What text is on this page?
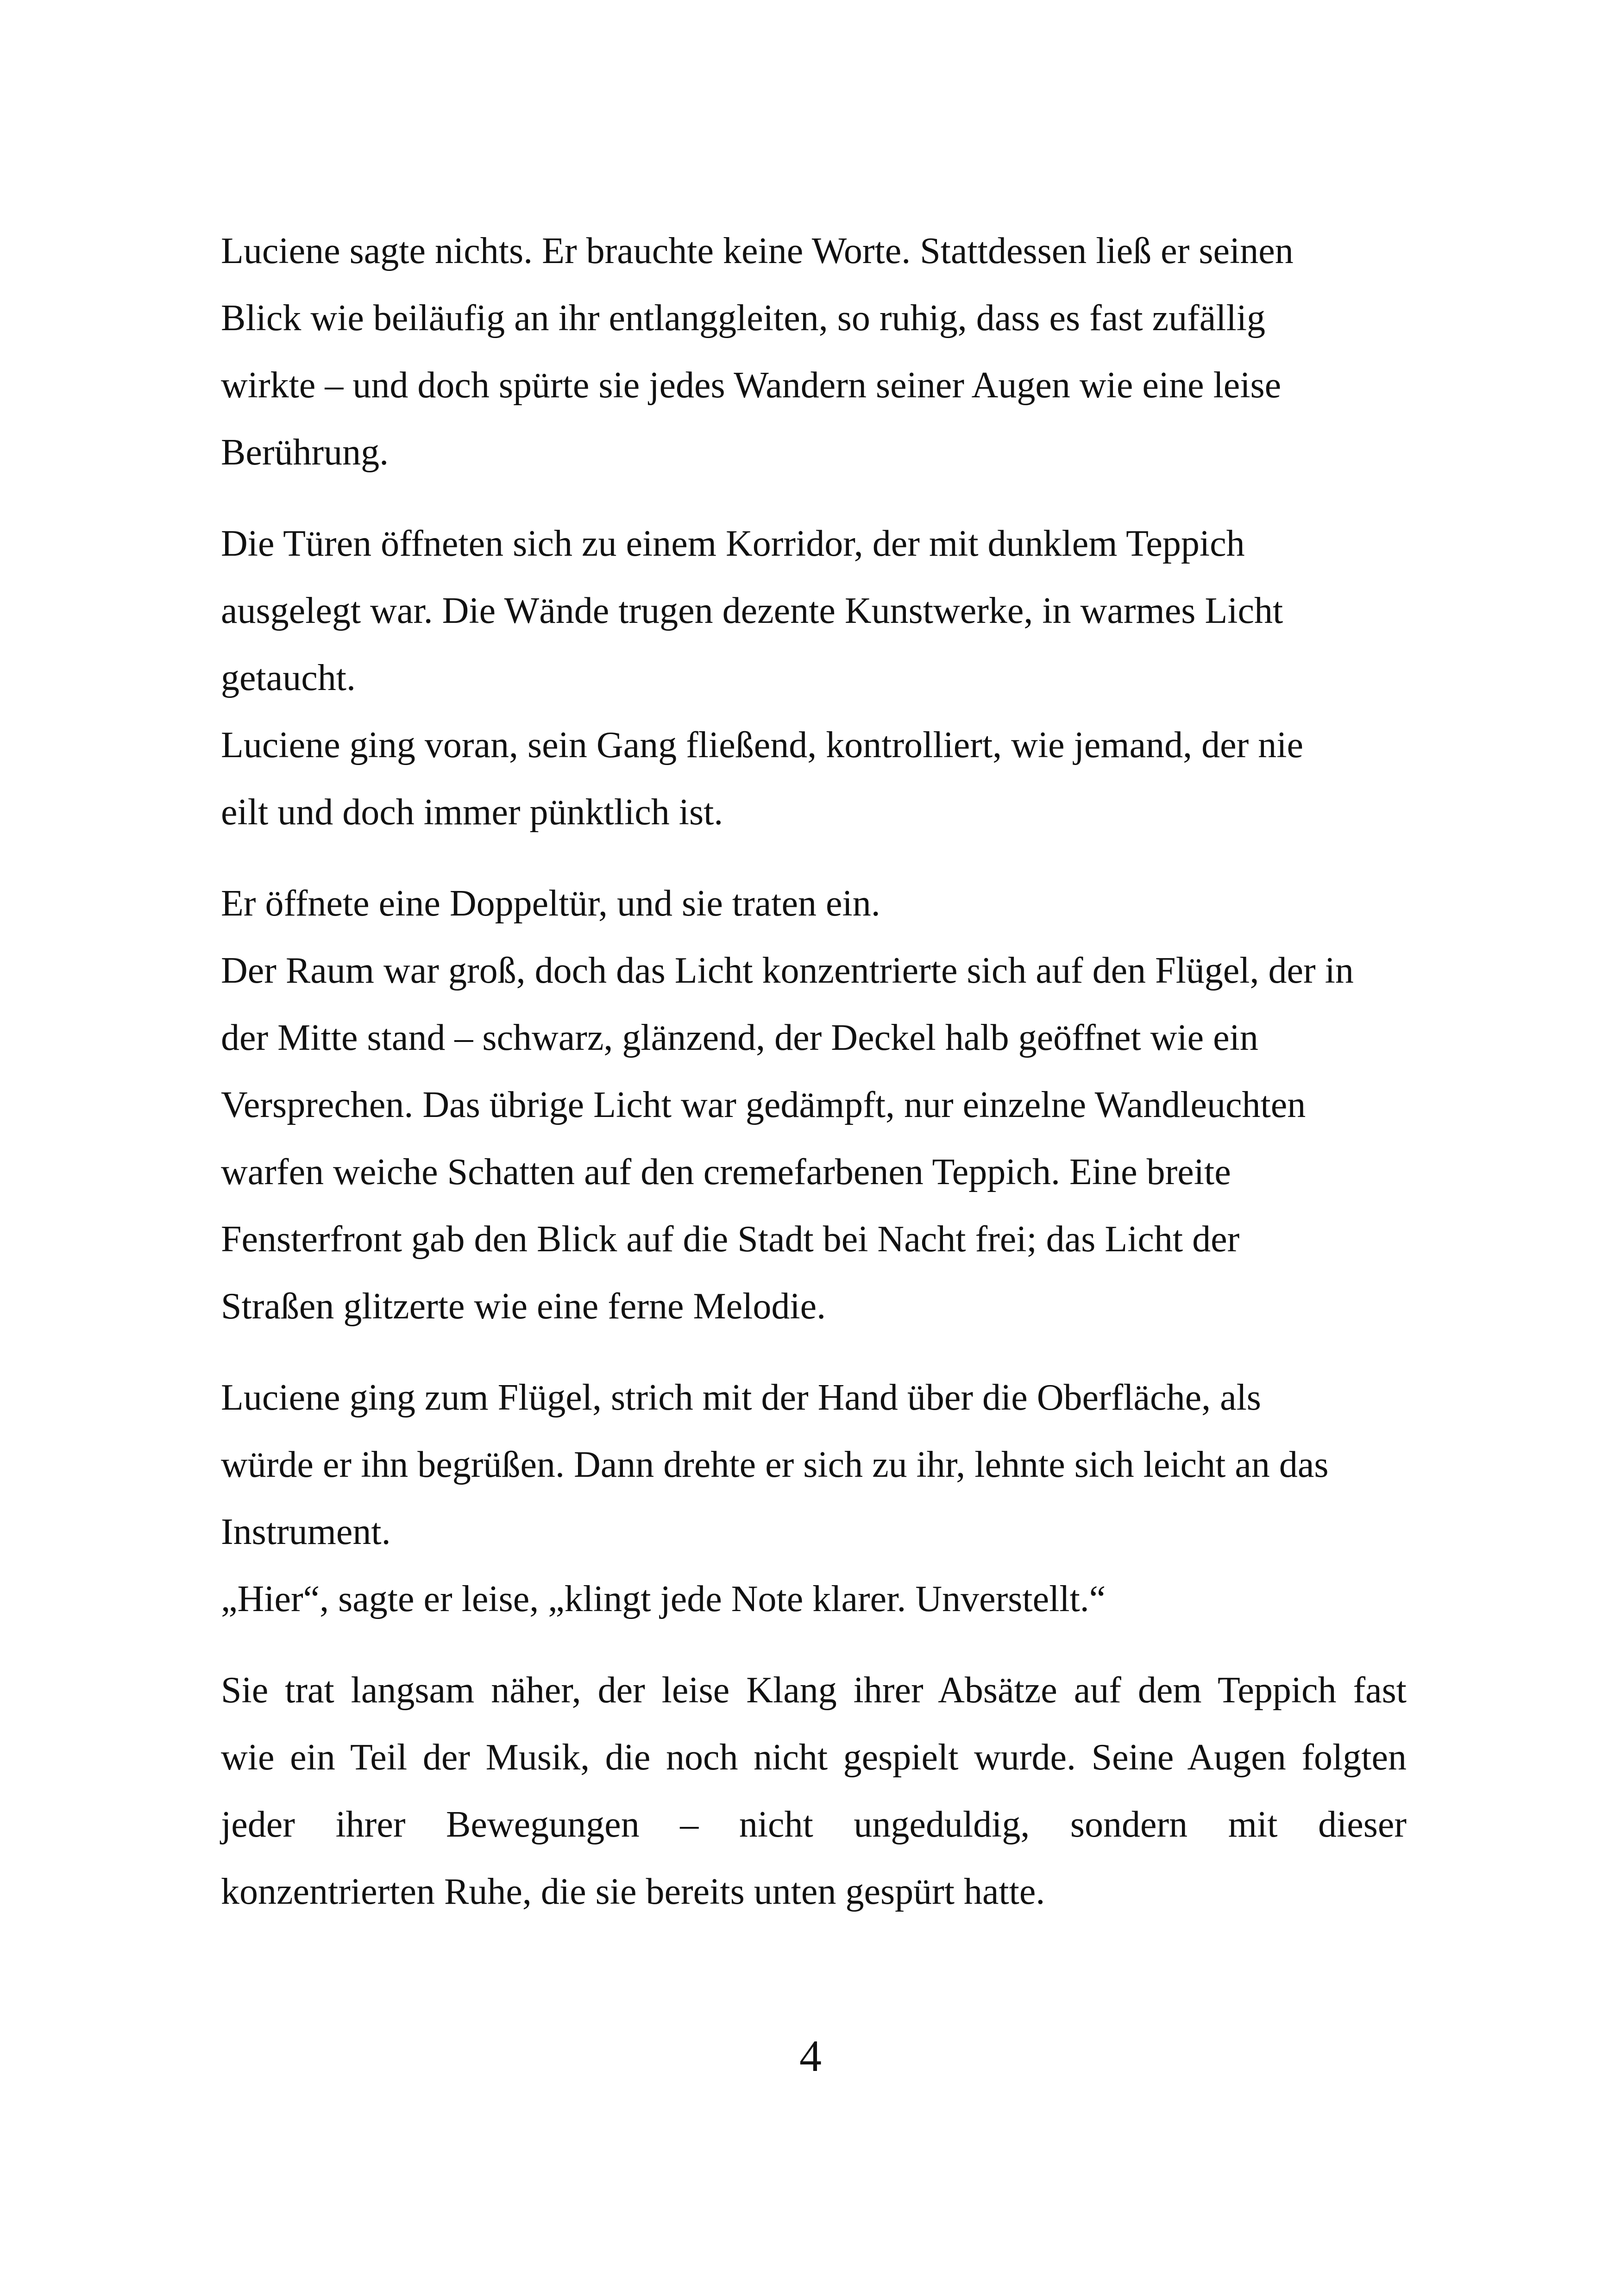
Luciene sagte nichts. Er brauchte keine Worte. Stattdessen ließ er seinen
Blick wie beiläufig an ihr entlanggleiten, so ruhig, dass es fast zufällig
wirkte – und doch spürte sie jedes Wandern seiner Augen wie eine leise
Berührung.

Die Türen öffneten sich zu einem Korridor, der mit dunklem Teppich
ausgelegt war. Die Wände trugen dezente Kunstwerke, in warmes Licht
getaucht.
Luciene ging voran, sein Gang fließend, kontrolliert, wie jemand, der nie
eilt und doch immer pünktlich ist.

Er öffnete eine Doppeltür, und sie traten ein.
Der Raum war groß, doch das Licht konzentrierte sich auf den Flügel, der in
der Mitte stand – schwarz, glänzend, der Deckel halb geöffnet wie ein
Versprechen. Das übrige Licht war gedämpft, nur einzelne Wandleuchten
warfen weiche Schatten auf den cremefarbenen Teppich. Eine breite
Fensterfront gab den Blick auf die Stadt bei Nacht frei; das Licht der
Straßen glitzerte wie eine ferne Melodie.

Luciene ging zum Flügel, strich mit der Hand über die Oberfläche, als
würde er ihn begrüßen. Dann drehte er sich zu ihr, lehnte sich leicht an das
Instrument.
„Hier“, sagte er leise, „klingt jede Note klarer. Unverstellt.“

Sie trat langsam näher, der leise Klang ihrer Absätze auf dem Teppich fast
wie ein Teil der Musik, die noch nicht gespielt wurde. Seine Augen folgten
jeder ihrer Bewegungen – nicht ungeduldig, sondern mit dieser
konzentrierten Ruhe, die sie bereits unten gespürt hatte.

4
